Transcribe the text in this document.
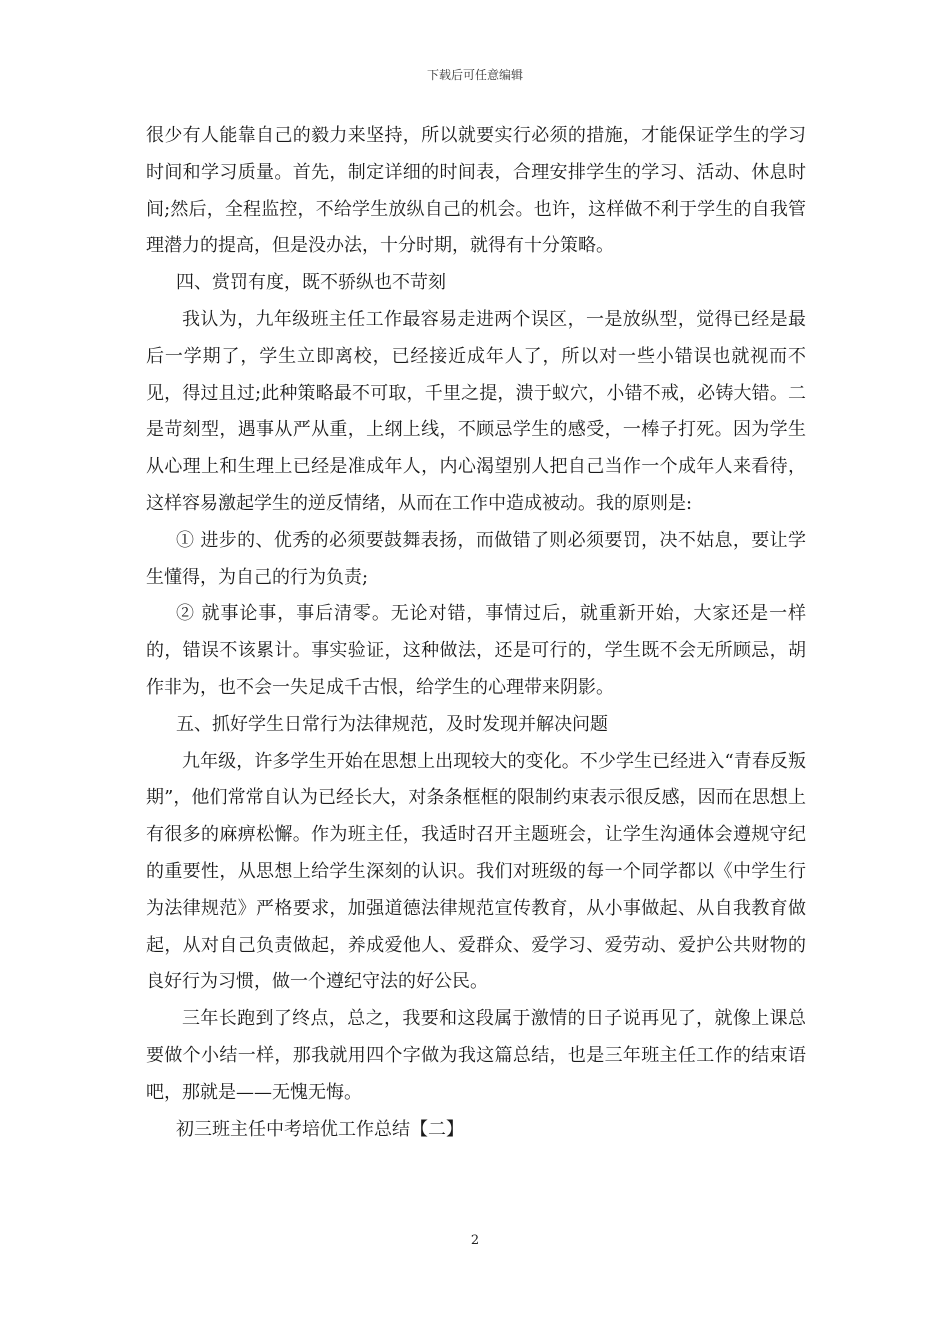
下载后可任意编辑

很少有人能靠自己的毅力来坚持，所以就要实行必须的措施，才能保证学生的学习时间和学习质量。首先，制定详细的时间表，合理安排学生的学习、活动、休息时间;然后，全程监控，不给学生放纵自己的机会。也许，这样做不利于学生的自我管理潜力的提高，但是没办法，十分时期，就得有十分策略。

四、赏罚有度，既不骄纵也不苛刻

我认为，九年级班主任工作最容易走进两个误区，一是放纵型，觉得已经是最后一学期了，学生立即离校，已经接近成年人了，所以对一些小错误也就视而不见，得过且过;此种策略最不可取，千里之提，溃于蚁穴，小错不戒，必铸大错。二是苛刻型，遇事从严从重，上纲上线，不顾忌学生的感受，一棒子打死。因为学生从心理上和生理上已经是准成年人，内心渴望别人把自己当作一个成年人来看待，这样容易激起学生的逆反情绪，从而在工作中造成被动。我的原则是:

① 进步的、优秀的必须要鼓舞表扬，而做错了则必须要罚，决不姑息，要让学生懂得，为自己的行为负责;

② 就事论事，事后清零。无论对错，事情过后，就重新开始，大家还是一样的，错误不该累计。事实验证，这种做法，还是可行的，学生既不会无所顾忌，胡作非为，也不会一失足成千古恨，给学生的心理带来阴影。

五、抓好学生日常行为法律规范，及时发现并解决问题

九年级，许多学生开始在思想上出现较大的变化。不少学生已经进入“青春反叛期”，他们常常自认为已经长大，对条条框框的限制约束表示很反感，因而在思想上有很多的麻痹松懈。作为班主任，我适时召开主题班会，让学生沟通体会遵规守纪的重要性，从思想上给学生深刻的认识。我们对班级的每一个同学都以《中学生行为法律规范》严格要求，加强道德法律规范宣传教育，从小事做起、从自我教育做起，从对自己负责做起，养成爱他人、爱群众、爱学习、爱劳动、爱护公共财物的良好行为习惯，做一个遵纪守法的好公民。

三年长跑到了终点，总之，我要和这段属于激情的日子说再见了，就像上课总要做个小结一样，那我就用四个字做为我这篇总结，也是三年班主任工作的结束语吧，那就是——无愧无悔。

初三班主任中考培优工作总结【二】

2
